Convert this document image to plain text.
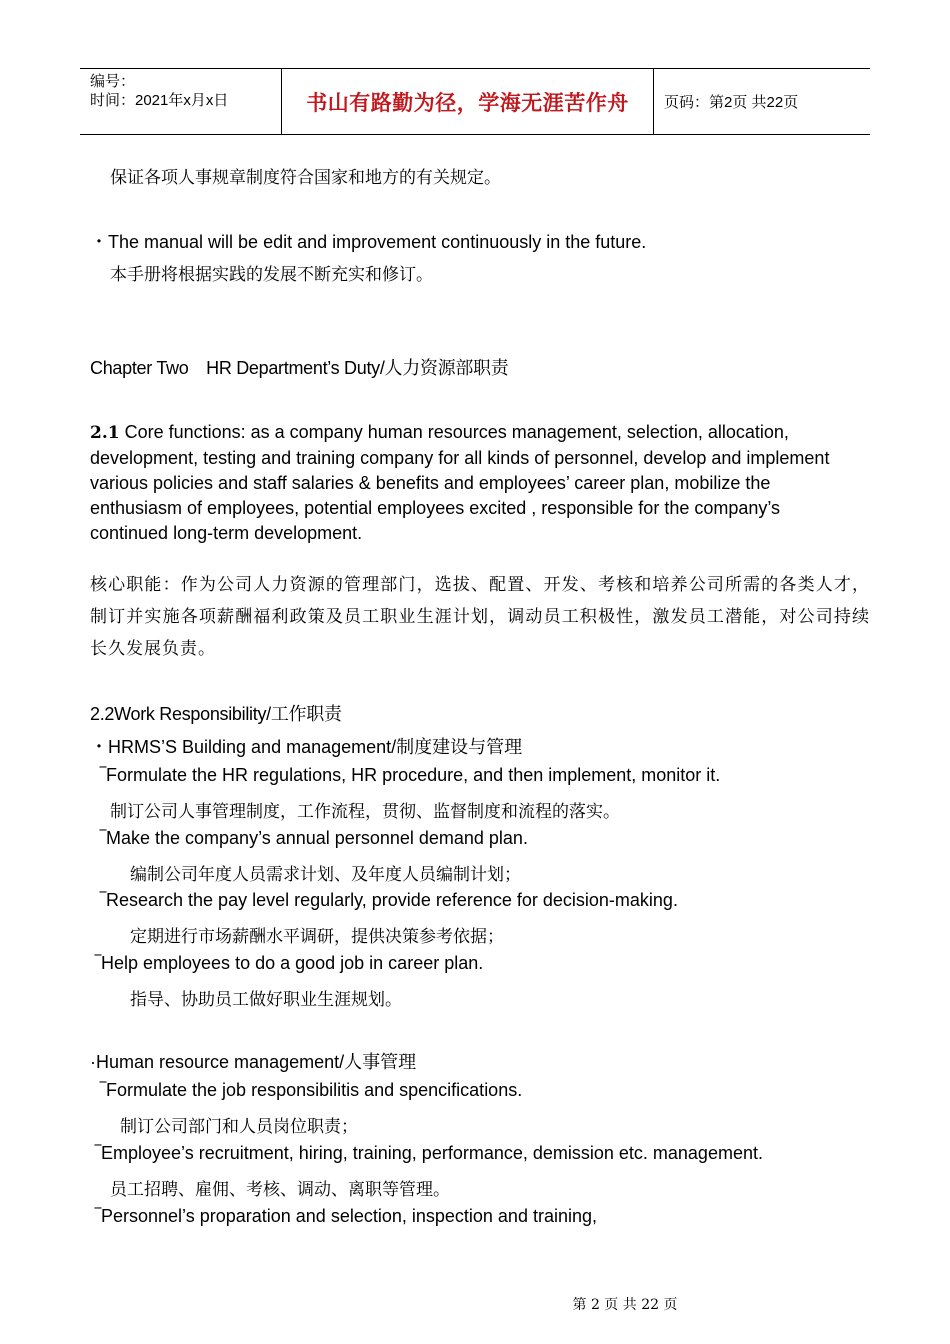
编号：
时间：2021年x月x日	书山有路勤为径，学海无涯苦作舟 页码：第2页 共22页
保证各项人事规章制度符合国家和地方的有关规定。
・The manual will be edit and improvement continuously in the future.
本手册将根据实践的发展不断充实和修订。
Chapter Two　HR Department’s Duty/人力资源部职责
2.1 Core functions: as a company human resources management, selection, allocation, development, testing and training company for all kinds of personnel, develop and implement various policies and staff salaries & benefits and employees’ career plan, mobilize the enthusiasm of employees, potential employees excited , responsible for the company’s continued long-term development.
核心职能：作为公司人力资源的管理部门，选拔、配置、开发、考核和培养公司所需的各类人才，制订并实施各项薪酬福利政策及员工职业生涯计划，调动员工积极性，激发员工潜能，对公司持续长久发展负责。
2.2Work Responsibility/工作职责
・HRMS’S Building and management/制度建设与管理
‾Formulate the HR regulations, HR procedure, and then implement, monitor it.
制订公司人事管理制度，工作流程，贯彻、监督制度和流程的落实。
‾Make the company’s annual personnel demand plan.
编制公司年度人员需求计划、及年度人员编制计划；
‾Research the pay level regularly, provide reference for decision-making.
定期进行市场薪酬水平调研，提供决策参考依据；
‾Help employees to do a good job in career plan.
指导、协助员工做好职业生涯规划。
·Human resource management/人事管理
‾Formulate the job responsibilitis and spencifications.
制订公司部门和人员岗位职责；
‾Employee’s recruitment, hiring, training, performance, demission etc. management.
员工招聘、雇佣、考核、调动、离职等管理。
‾Personnel’s proparation and selection, inspection and training,
第 2 页 共 22 页
